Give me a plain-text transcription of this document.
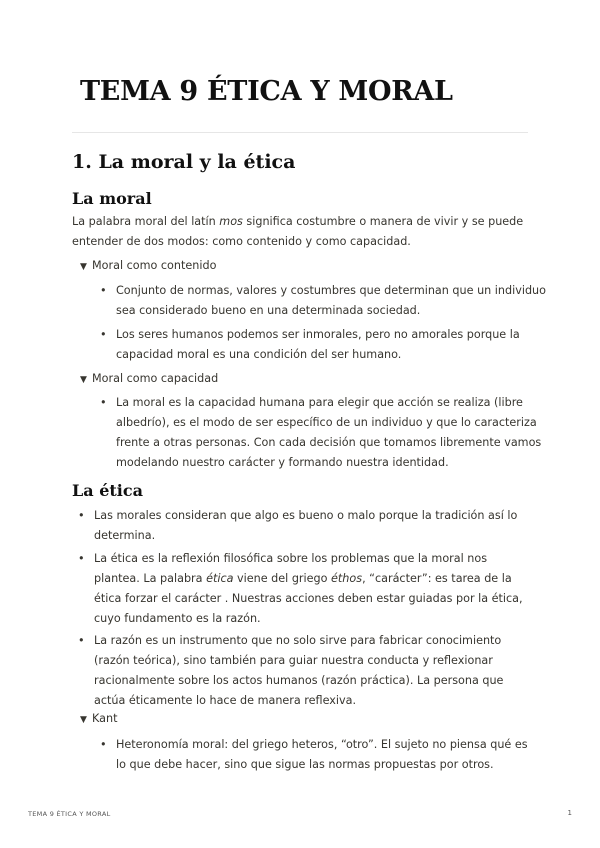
TEMA 9 ÉTICA Y MORAL
1. La moral y la ética
La moral

La palabra moral del latín mos significa costumbre o manera de vivir y se puede entender de dos modos: como contenido y como capacidad.

▼ Moral como contenido
• Conjunto de normas, valores y costumbres que determinan que un individuo sea considerado bueno en una determinada sociedad.
• Los seres humanos podemos ser inmorales, pero no amorales porque la capacidad moral es una condición del ser humano.
▼ Moral como capacidad
• La moral es la capacidad humana para elegir que acción se realiza (libre albedrío), es el modo de ser específico de un individuo y que lo caracteriza frente a otras personas. Con cada decisión que tomamos libremente vamos modelando nuestro carácter y formando nuestra identidad.
La ética
• Las morales consideran que algo es bueno o malo porque la tradición así lo determina.
• La ética es la reflexión filosófica sobre los problemas que la moral nos plantea. La palabra ética viene del griego éthos, “carácter”: es tarea de la ética forzar el carácter . Nuestras acciones deben estar guiadas por la ética, cuyo fundamento es la razón.
• La razón es un instrumento que no solo sirve para fabricar conocimiento (razón teórica), sino también para guiar nuestra conducta y reflexionar racionalmente sobre los actos humanos (razón práctica). La persona que actúa éticamente lo hace de manera reflexiva.
▼ Kant
• Heteronomía moral: del griego heteros, “otro”. El sujeto no piensa qué es lo que debe hacer, sino que sigue las normas propuestas por otros.
TEMA 9 ÉTICA Y MORAL	1
